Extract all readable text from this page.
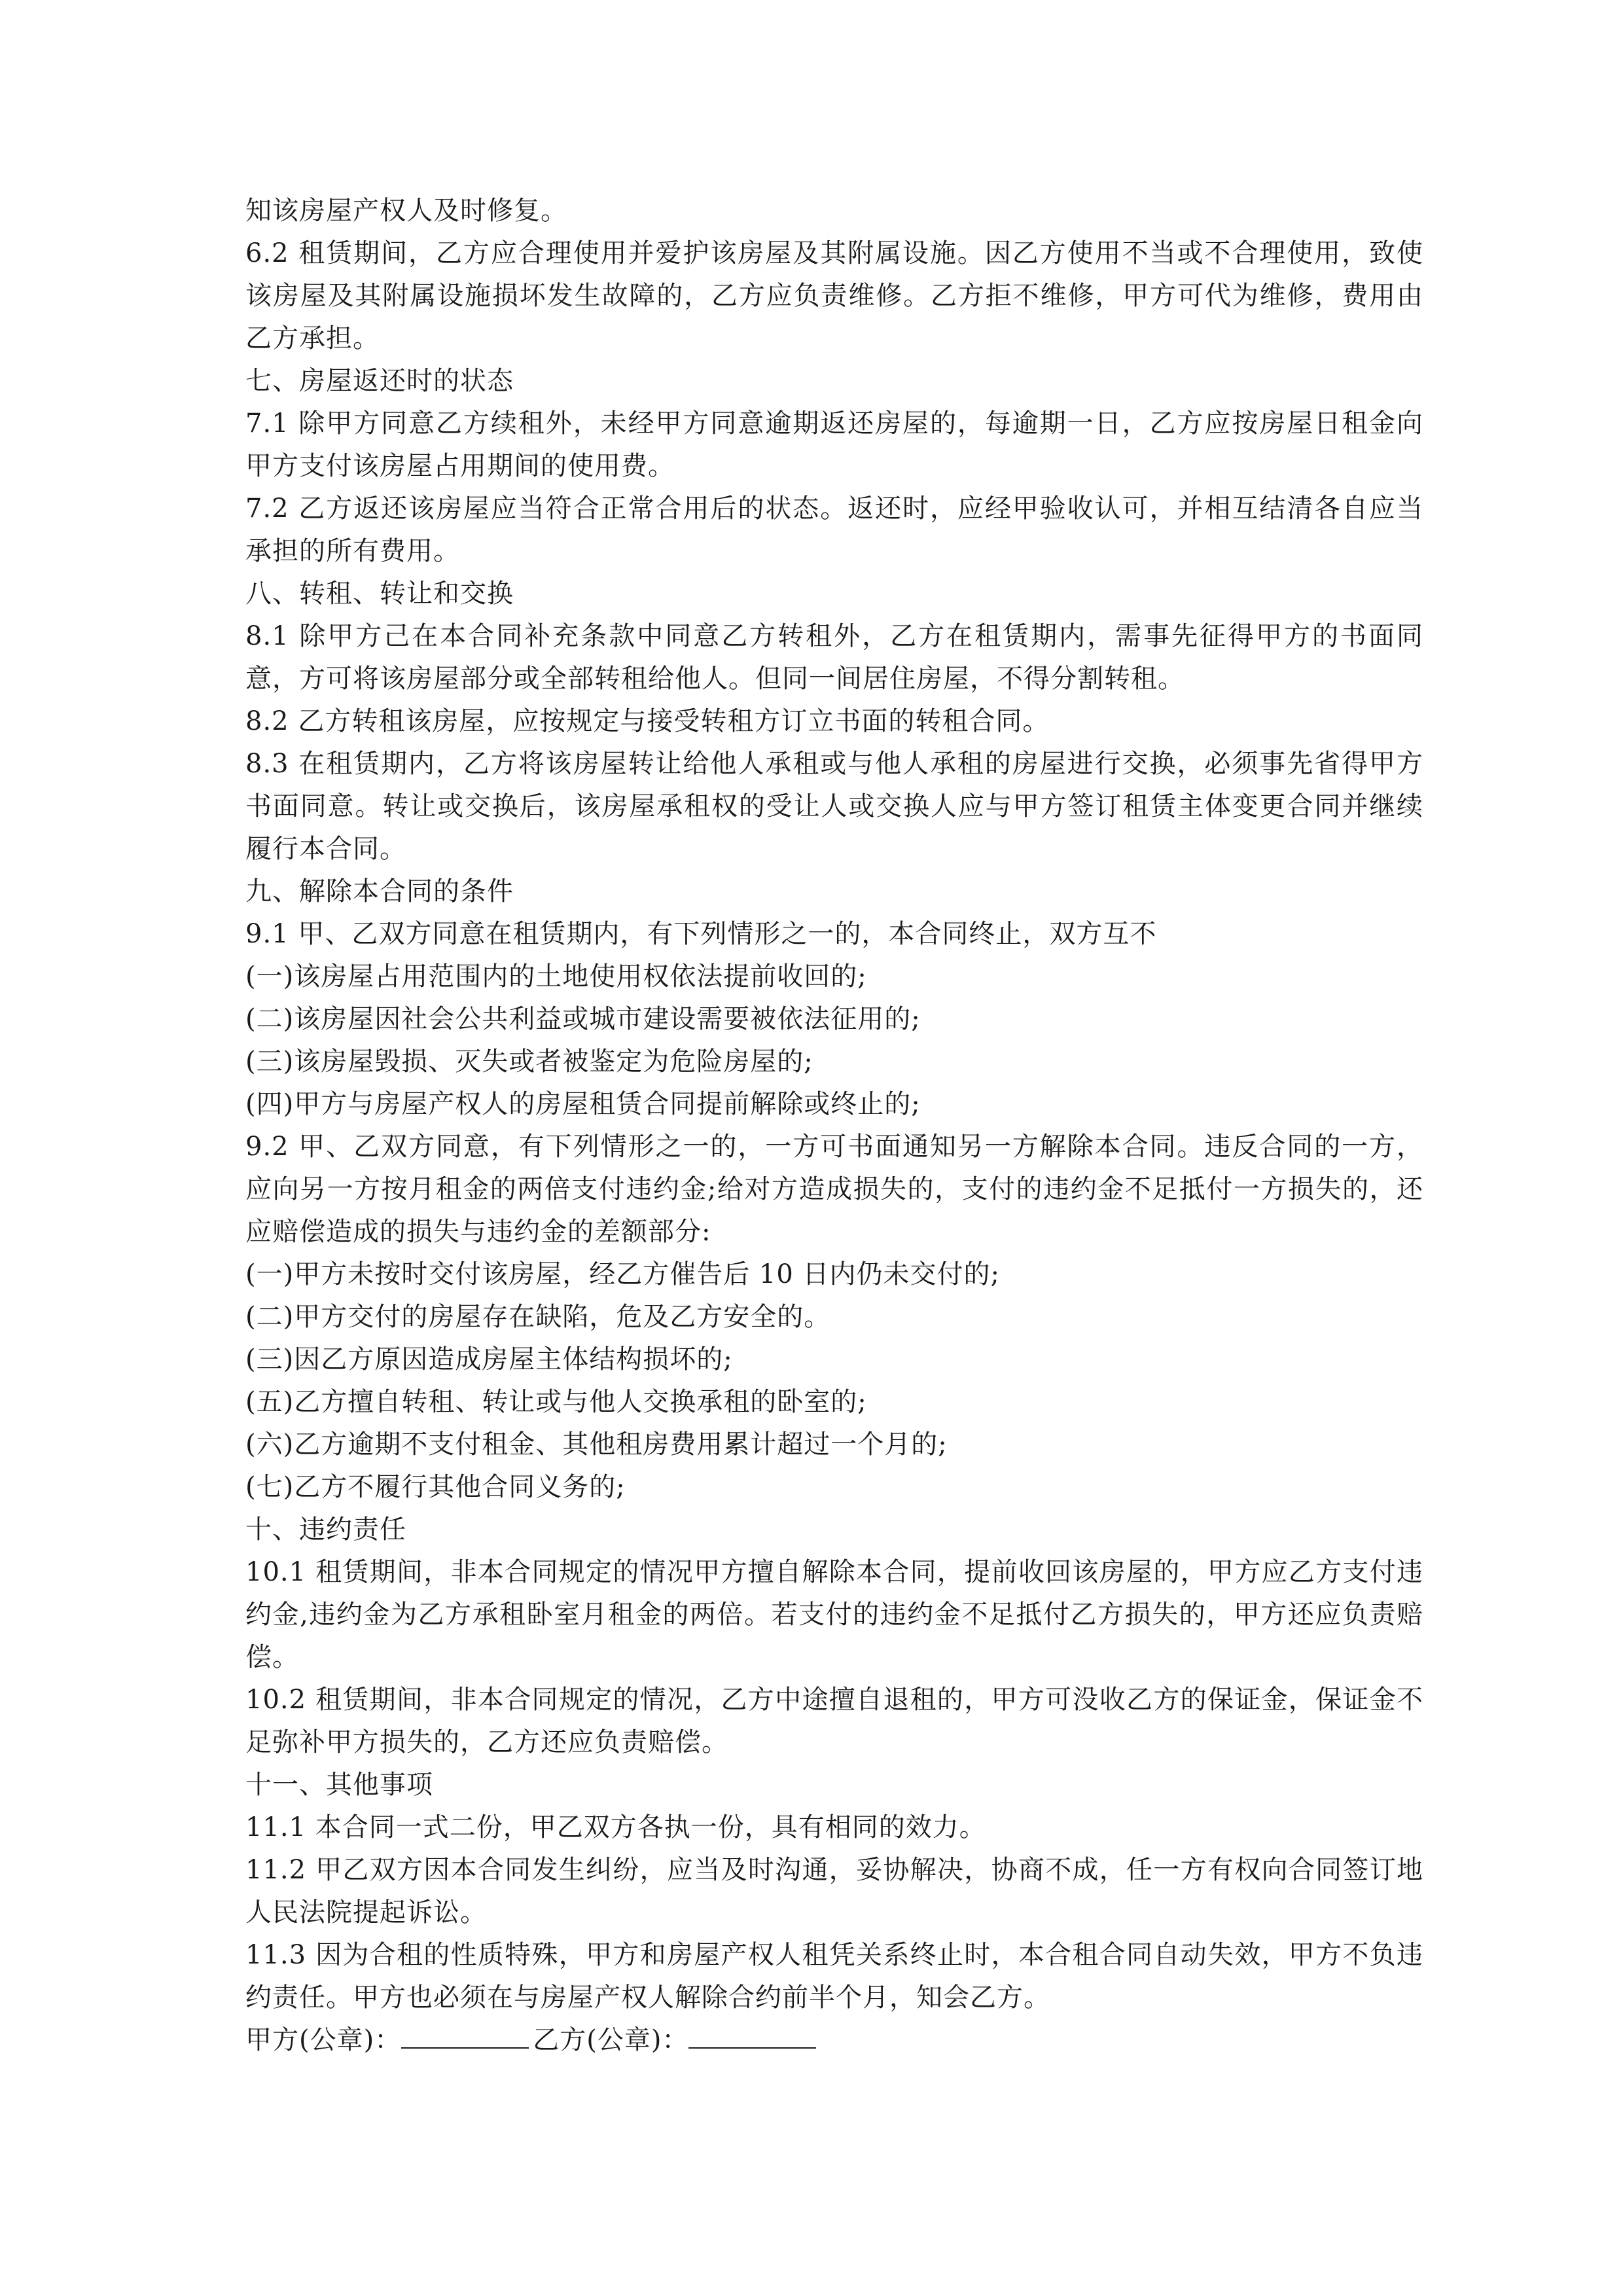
知该房屋产权人及时修复。

6.2 租赁期间，乙方应合理使用并爱护该房屋及其附属设施。因乙方使用不当或不合理使用，致使该房屋及其附属设施损坏发生故障的，乙方应负责维修。乙方拒不维修，甲方可代为维修，费用由乙方承担。

七、房屋返还时的状态

7.1 除甲方同意乙方续租外，未经甲方同意逾期返还房屋的，每逾期一日，乙方应按房屋日租金向甲方支付该房屋占用期间的使用费。

7.2 乙方返还该房屋应当符合正常合用后的状态。返还时，应经甲验收认可，并相互结清各自应当承担的所有费用。

八、转租、转让和交换

8.1 除甲方己在本合同补充条款中同意乙方转租外，乙方在租赁期内，需事先征得甲方的书面同意，方可将该房屋部分或全部转租给他人。但同一间居住房屋，不得分割转租。

8.2 乙方转租该房屋，应按规定与接受转租方订立书面的转租合同。

8.3 在租赁期内，乙方将该房屋转让给他人承租或与他人承租的房屋进行交换，必须事先省得甲方书面同意。转让或交换后，该房屋承租权的受让人或交换人应与甲方签订租赁主体变更合同并继续履行本合同。

九、解除本合同的条件

9.1 甲、乙双方同意在租赁期内，有下列情形之一的，本合同终止，双方互不

(一)该房屋占用范围内的土地使用权依法提前收回的;

(二)该房屋因社会公共利益或城市建设需要被依法征用的;

(三)该房屋毁损、灭失或者被鉴定为危险房屋的;

(四)甲方与房屋产权人的房屋租赁合同提前解除或终止的;

9.2 甲、乙双方同意，有下列情形之一的，一方可书面通知另一方解除本合同。违反合同的一方，应向另一方按月租金的两倍支付违约金;给对方造成损失的，支付的违约金不足抵付一方损失的，还应赔偿造成的损失与违约金的差额部分:

(一)甲方未按时交付该房屋，经乙方催告后 10 日内仍未交付的;

(二)甲方交付的房屋存在缺陷，危及乙方安全的。

(三)因乙方原因造成房屋主体结构损坏的;

(五)乙方擅自转租、转让或与他人交换承租的卧室的;

(六)乙方逾期不支付租金、其他租房费用累计超过一个月的;

(七)乙方不履行其他合同义务的;

十、违约责任

10.1 租赁期间，非本合同规定的情况甲方擅自解除本合同，提前收回该房屋的，甲方应乙方支付违约金,违约金为乙方承租卧室月租金的两倍。若支付的违约金不足抵付乙方损失的，甲方还应负责赔偿。

10.2 租赁期间，非本合同规定的情况，乙方中途擅自退租的，甲方可没收乙方的保证金，保证金不足弥补甲方损失的，乙方还应负责赔偿。

十一、其他事项

11.1 本合同一式二份，甲乙双方各执一份，具有相同的效力。

11.2 甲乙双方因本合同发生纠纷，应当及时沟通，妥协解决，协商不成，任一方有权向合同签订地人民法院提起诉讼。

11.3 因为合租的性质特殊，甲方和房屋产权人租凭关系终止时，本合租合同自动失效，甲方不负违约责任。甲方也必须在与房屋产权人解除合约前半个月，知会乙方。

甲方(公章)：	乙方(公章)：
